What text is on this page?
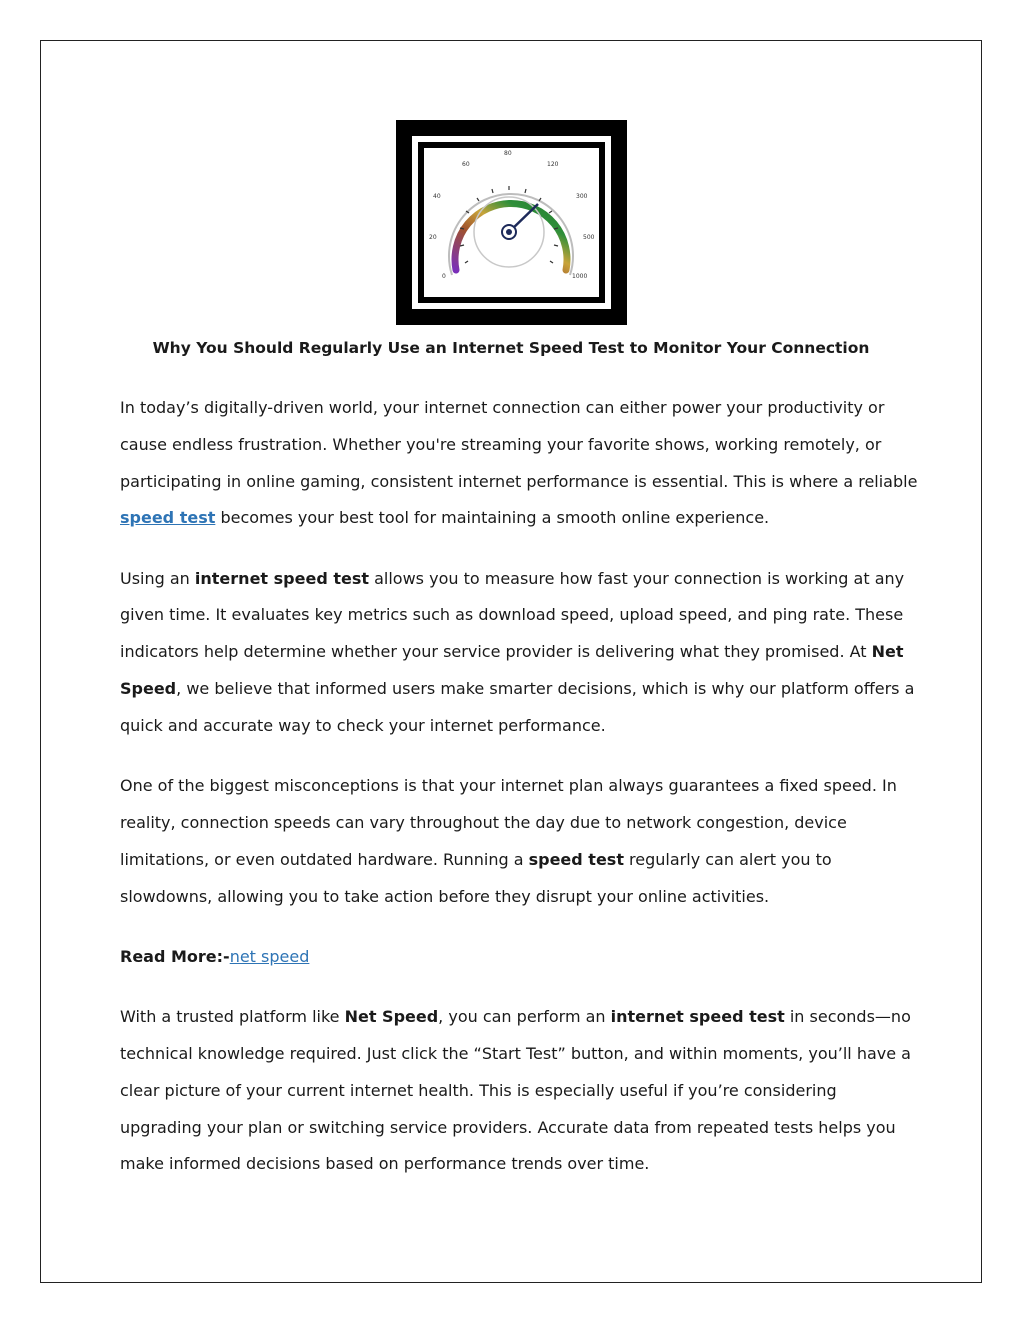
0
20
40
60
80
120
300
500
1000
Why You Should Regularly Use an Internet Speed Test to Monitor Your Connection

In today’s digitally-driven world, your internet connection can either power your productivity or cause endless frustration. Whether you're streaming your favorite shows, working remotely, or participating in online gaming, consistent internet performance is essential. This is where a reliable speed test becomes your best tool for maintaining a smooth online experience.

Using an internet speed test allows you to measure how fast your connection is working at any given time. It evaluates key metrics such as download speed, upload speed, and ping rate. These indicators help determine whether your service provider is delivering what they promised. At Net Speed, we believe that informed users make smarter decisions, which is why our platform offers a quick and accurate way to check your internet performance.

One of the biggest misconceptions is that your internet plan always guarantees a fixed speed. In reality, connection speeds can vary throughout the day due to network congestion, device limitations, or even outdated hardware. Running a speed test regularly can alert you to slowdowns, allowing you to take action before they disrupt your online activities.

Read More:-net speed

With a trusted platform like Net Speed, you can perform an internet speed test in seconds—no technical knowledge required. Just click the “Start Test” button, and within moments, you’ll have a clear picture of your current internet health. This is especially useful if you’re considering upgrading your plan or switching service providers. Accurate data from repeated tests helps you make informed decisions based on performance trends over time.
